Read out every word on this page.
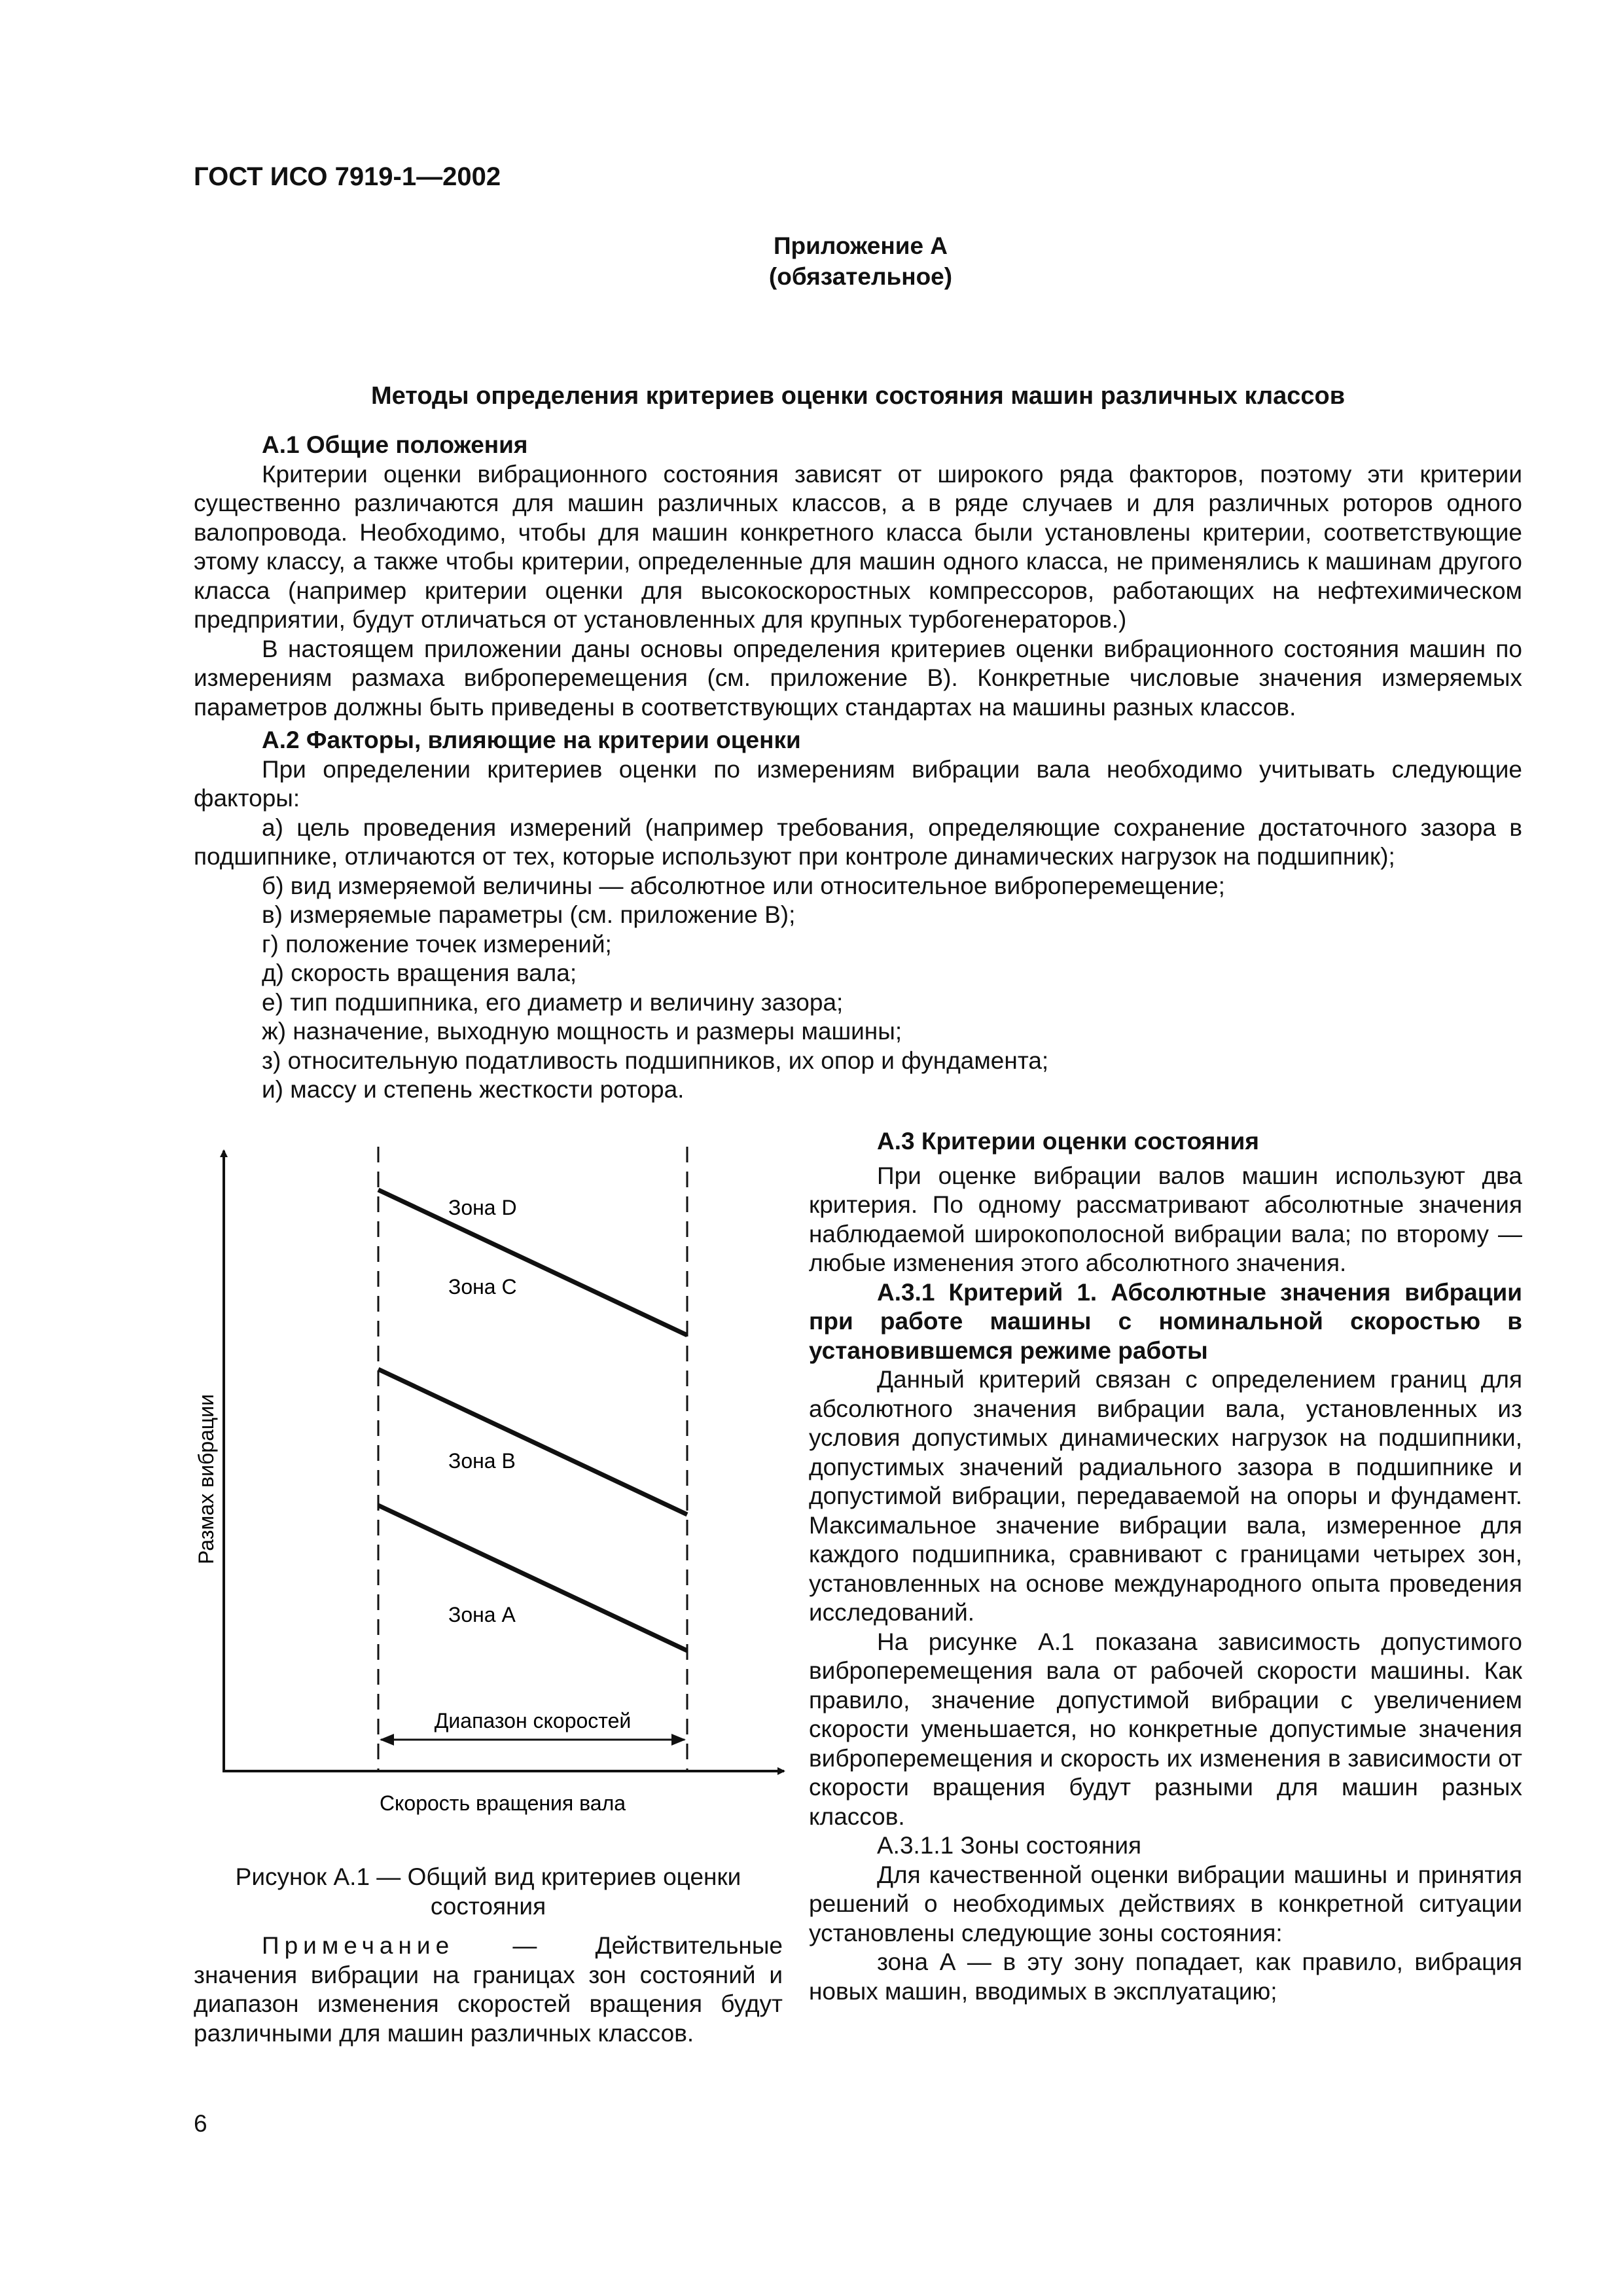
ГОСТ ИСО 7919-1—2002
Приложение А
(обязательное)
Методы определения критериев оценки состояния машин различных классов

А.1 Общие положения

Критерии оценки вибрационного состояния зависят от широкого ряда факторов, поэтому эти критерии существенно различаются для машин различных классов, а в ряде случаев и для различных роторов одного валопровода. Необходимо, чтобы для машин конкретного класса были установлены критерии, соответствующие этому классу, а также чтобы критерии, определенные для машин одного класса, не применялись к машинам другого класса (например критерии оценки для высокоскоростных компрессоров, работающих на нефтехимическом предприятии, будут отличаться от установленных для крупных турбогенераторов.)

В настоящем приложении даны основы определения критериев оценки вибрационного состояния машин по измерениям размаха виброперемещения (см. приложение В). Конкретные числовые значения измеряемых параметров должны быть приведены в соответствующих стандартах на машины разных классов.

А.2 Факторы, влияющие на критерии оценки

При определении критериев оценки по измерениям вибрации вала необходимо учитывать следующие факторы:

а) цель проведения измерений (например требования, определяющие сохранение достаточного зазора в подшипнике, отличаются от тех, которые используют при контроле динамических нагрузок на подшипник);

б) вид измеряемой величины — абсолютное или относительное виброперемещение;

в) измеряемые параметры (см. приложение В);

г) положение точек измерений;

д) скорость вращения вала;

е) тип подшипника, его диаметр и величину зазора;

ж) назначение, выходную мощность и размеры машины;

з) относительную податливость подшипников, их опор и фундамента;

и) массу и степень жесткости ротора.

Зона D
Зона C
Зона B
Зона A
Диапазон скоростей
Скорость вращения вала
Размах вибрации
Рисунок А.1 — Общий вид критериев оценки состояния
Примечание — Действительные значения вибрации на границах зон состояний и диапазон изменения скоростей вращения будут различными для машин различных классов.

А.3 Критерии оценки состояния

При оценке вибрации валов машин используют два критерия. По одному рассматривают абсолютные значения наблюдаемой широкополосной вибрации вала; по второму — любые изменения этого абсолютного значения.

А.3.1 Критерий 1. Абсолютные значения вибрации при работе машины с номинальной скоростью в установившемся режиме работы

Данный критерий связан с определением границ для абсолютного значения вибрации вала, установленных из условия допустимых динамических нагрузок на подшипники, допустимых значений радиального зазора в подшипнике и допустимой вибрации, передаваемой на опоры и фундамент. Максимальное значение вибрации вала, измеренное для каждого подшипника, сравнивают с границами четырех зон, установленных на основе международного опыта проведения исследований.

На рисунке А.1 показана зависимость допустимого виброперемещения вала от рабочей скорости машины. Как правило, значение допустимой вибрации с увеличением скорости уменьшается, но конкретные допустимые значения виброперемещения и скорость их изменения в зависимости от скорости вращения будут разными для машин разных классов.

А.3.1.1 Зоны состояния

Для качественной оценки вибрации машины и принятия решений о необходимых действиях в конкретной ситуации установлены следующие зоны состояния:

зона А — в эту зону попадает, как правило, вибрация новых машин, вводимых в эксплуатацию;

6
